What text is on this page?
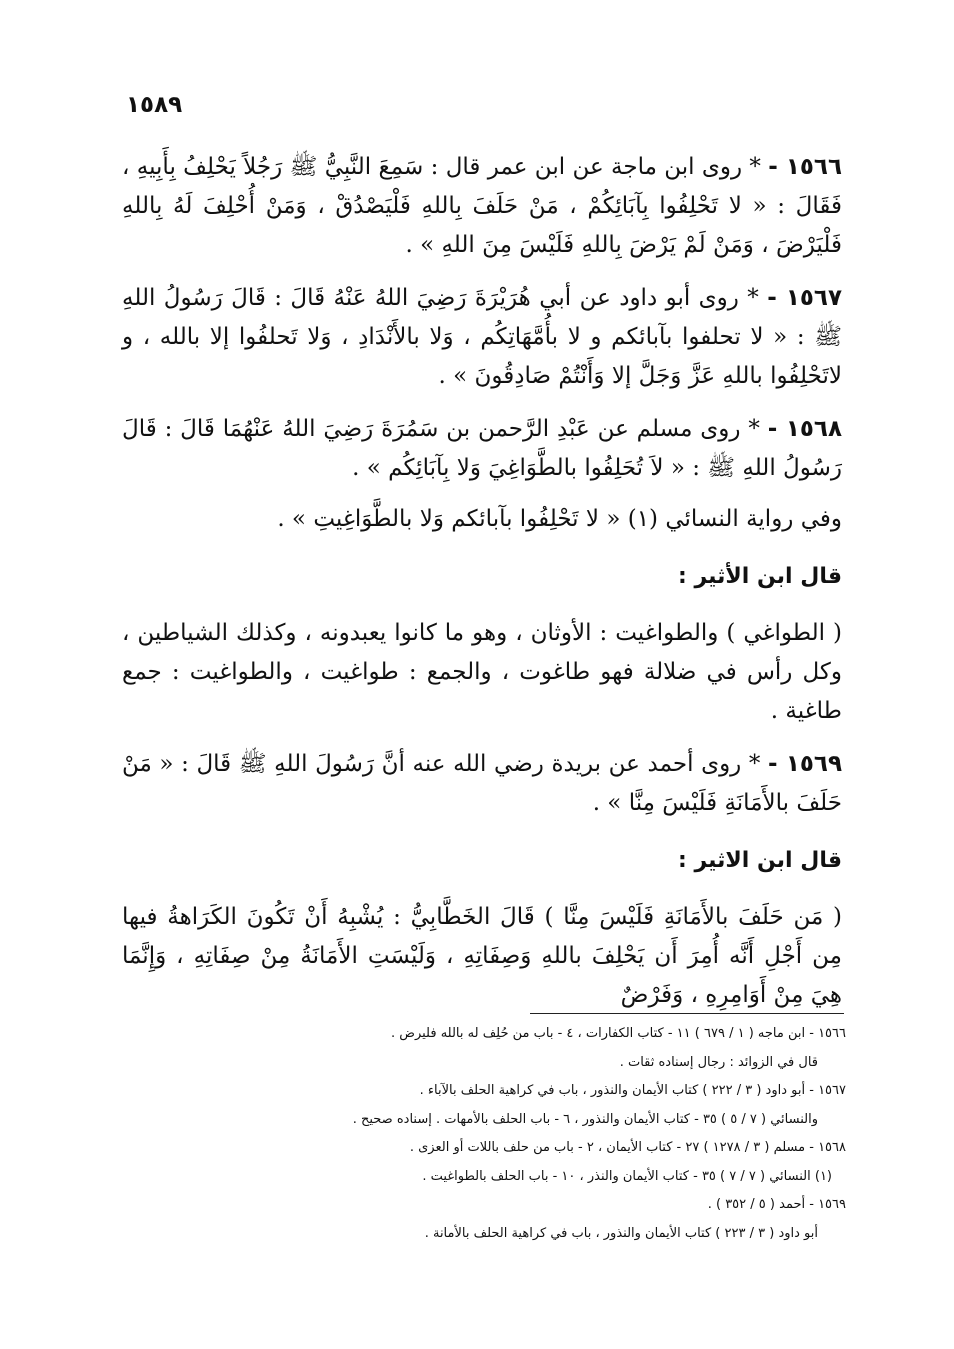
١٥٨٩

١٥٦٦ - * روى ابن ماجة عن ابن عمر قال : سَمِعَ النَّبِيُّ ﷺ رَجُلاً يَحْلِفُ بِأَبِيهِ ، فَقَالَ : « لا تَحْلِفُوا بِآبَائِكُمْ ، مَنْ حَلَفَ بِاللهِ فَلْيَصْدُقْ ، وَمَنْ أُحْلِفَ لَهُ بِاللهِ فَلْيَرْضَ ، وَمَنْ لَمْ يَرْضَ بِاللهِ فَلَيْسَ مِنَ اللهِ » .

١٥٦٧ - * روى أبو داود عن أبي هُرَيْرَةَ رَضِيَ اللهُ عَنْهُ قَالَ : قَالَ رَسُولُ اللهِ ﷺ : « لا تحلفوا بآبائكم و لا بأُمَّهَاتِكُم ، وَلا بالأَنْدَادِ ، وَلا تَحلفُوا إلا بالله ، و لاتَحْلِفُوا باللهِ عَزَّ وَجَلَّ إلا وَأَنْتُمْ صَادِقُونَ » .

١٥٦٨ - * روى مسلم عن عَبْدِ الرَّحمن بن سَمُرَةَ رَضِيَ اللهُ عَنْهُمَا قَالَ : قَالَ رَسُولُ اللهِ ﷺ : « لاَ تُحَلِفُوا بالطَّوَاغِيَ وَلا بِآبَائِكُم » .

وفي رواية النسائي (١) « لا تَحْلِفُوا بآبائكم وَلا بالطَّوَاغِيتِ » .

قال ابن الأثير :

( الطواغي ) والطواغيت : الأوثان ، وهو ما كانوا يعبدونه ، وكذلك الشياطين ، وكل رأس في ضلالة فهو طاغوت ، والجمع : طواغيت ، والطواغيت : جمع طاغية .

١٥٦٩ - * روى أحمد عن بريدة رضي الله عنه أنَّ رَسُولَ اللهِ ﷺ قَالَ : « مَنْ حَلَفَ بالأَمَانَةِ فَلَيْسَ مِنَّا » .

قال ابن الاثير :

( مَن حَلَفَ بالأَمَانَةِ فَلَيْسَ مِنَّا ) قَالَ الخَطَّابِيُّ : يُشْبِهُ أَنْ تَكُونَ الكَرَاهةُ فيها مِن أَجْلِ أَنَّه أُمِرَ أَن يَحْلِفَ باللهِ وَصِفَاتِهِ ، وَلَيْسَتِ الأَمَانَةُ مِنْ صِفَاتِهِ ، وَإِنَّمَا هِيَ مِنْ أَوَامِرِهِ ، وَفَرْضٌ

١٥٦٦ - ابن ماجه ( ١ / ٦٧٩ ) ١١ - كتاب الكفارات ، ٤ - باب من حُلِف له بالله فليرض .

قال في الزوائد : رجال إسناده ثقات .

١٥٦٧ - أبو داود ( ٣ / ٢٢٢ ) كتاب الأيمان والنذور ، باب في كراهية الحلف بالآباء .

والنسائي ( ٧ / ٥ ) ٣٥ - كتاب الأيمان والنذور ، ٦ - باب الحلف بالأمهات . إسناده صحيح .

١٥٦٨ - مسلم ( ٣ / ١٢٧٨ ) ٢٧ - كتاب الأيمان ، ٢ - باب من حلف باللات أو العزى .

(١) النسائي ( ٧ / ٧ ) ٣٥ - كتاب الأيمان والنذر ، ١٠ - باب الحلف بالطواغيت .

١٥٦٩ - أحمد ( ٥ / ٣٥٢ ) .

أبو داود ( ٣ / ٢٢٣ ) كتاب الأيمان والنذور ، باب في كراهية الحلف بالأمانة .
